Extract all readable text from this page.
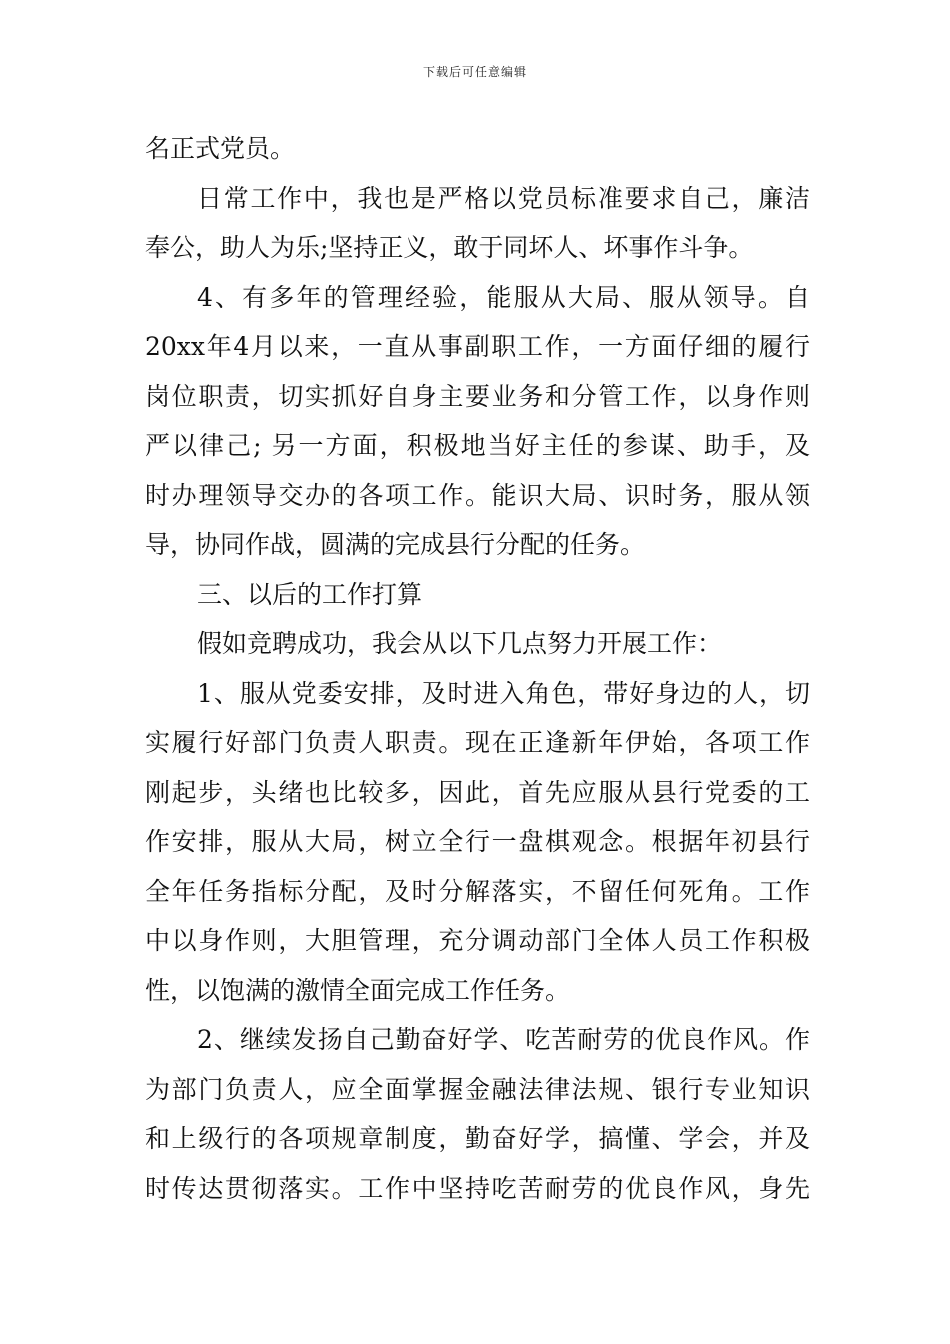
下载后可任意编辑
名正式党员。
日常工作中，我也是严格以党员标准要求自己，廉洁
奉公，助人为乐;坚持正义，敢于同坏人、坏事作斗争。
4、有多年的管理经验，能服从大局、服从领导。自
20xx年4月以来，一直从事副职工作，一方面仔细的履行
岗位职责，切实抓好自身主要业务和分管工作，以身作则
严以律己; 另一方面，积极地当好主任的参谋、助手，及
时办理领导交办的各项工作。能识大局、识时务，服从领
导，协同作战，圆满的完成县行分配的任务。
三、以后的工作打算
假如竞聘成功，我会从以下几点努力开展工作：
1、服从党委安排，及时进入角色，带好身边的人，切
实履行好部门负责人职责。现在正逢新年伊始，各项工作
刚起步，头绪也比较多，因此，首先应服从县行党委的工
作安排，服从大局，树立全行一盘棋观念。根据年初县行
全年任务指标分配，及时分解落实，不留任何死角。工作
中以身作则，大胆管理，充分调动部门全体人员工作积极
性，以饱满的激情全面完成工作任务。
2、继续发扬自己勤奋好学、吃苦耐劳的优良作风。作
为部门负责人，应全面掌握金融法律法规、银行专业知识
和上级行的各项规章制度，勤奋好学，搞懂、学会，并及
时传达贯彻落实。工作中坚持吃苦耐劳的优良作风，身先
